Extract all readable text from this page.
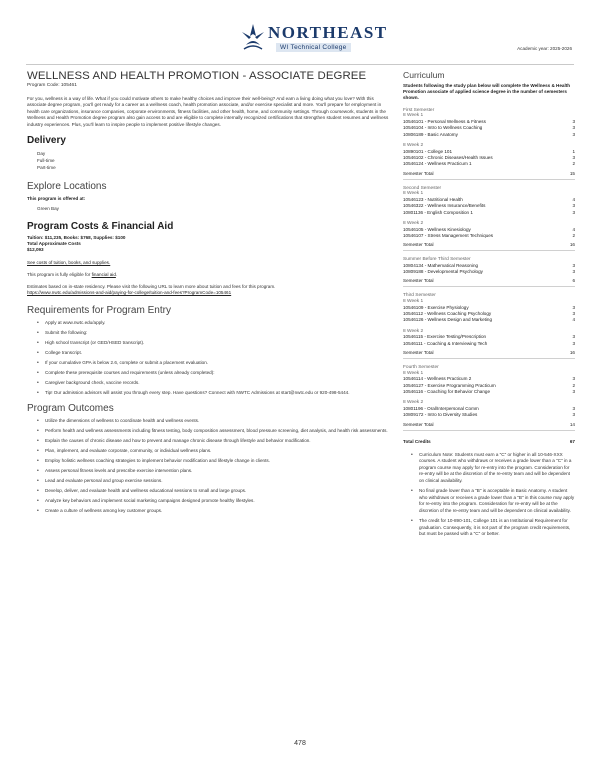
NORTHEAST
WI Technical College	Academic year: 2025-2026
WELLNESS AND HEALTH PROMOTION - ASSOCIATE DEGREE
Program Code: 105461

For you, wellness is a way of life. What if you could motivate others to make healthy choices and improve their well-being? And earn a living doing what you love? With this associate degree program, you'll get ready for a career as a wellness coach, health promotion associate, and/or exercise specialist and more. You'll prepare for employment in health care organizations, insurance companies, corporate environments, fitness facilities, and other health, home, and community settings. Through coursework, students in the Wellness and Health Promotion degree program also gain access to and are eligible to complete internally recognized certifications that strengthen student resumes and wellness industry experiences. Plus, you'll learn to inspire people to implement positive lifestyle changes.

Delivery
Day
Full-time
Part-time
Explore Locations

This program is offered at:

Green Bay
Program Costs & Financial Aid

Tuition: $11,235, Books: $768, Supplies: $100

Total Approximate Costs

$12,093

See costs of tuition, books, and supplies.

This program is fully eligible for financial aid.

Estimates based on in-state residency. Please visit the following URL to learn more about tuition and fees for this program.

https://www.nwtc.edu/admissions-and-aid/paying-for-college/tuition-and-fees?ProgramCode=105461

Requirements for Program Entry
• Apply at www.nwtc.edu/apply.
• Submit the following:
• High school transcript (or GED/HSED transcript).
• College transcript.
• If your cumulative GPA is below 2.6, complete or submit a placement evaluation.
• Complete these prerequisite courses and requirements (unless already completed):
• Caregiver background check, vaccine records.
• Tip! Our admission advisors will assist you through every step. Have questions? Connect with NWTC Admissions at start@nwtc.edu or 920-498-5444.
Program Outcomes
• Utilize the dimensions of wellness to coordinate health and wellness events.
• Perform health and wellness assessments including fitness testing, body composition assessment, blood pressure screening, diet analysis, and health risk assessments.
• Explain the causes of chronic disease and how to prevent and manage chronic disease through lifestyle and behavior modification.
• Plan, implement, and evaluate corporate, community, or individual wellness plans.
• Employ holistic wellness coaching strategies to implement behavior modification and lifestyle change in clients.
• Assess personal fitness levels and prescribe exercise intervention plans.
• Lead and evaluate personal and group exercise sessions.
• Develop, deliver, and evaluate health and wellness educational sessions to small and large groups.
• Analyze key behaviors and implement social marketing campaigns designed promote healthy lifestyles.
• Create a culture of wellness among key customer groups.
Curriculum

Students following the study plan below will complete the Wellness & Health Promotion associate of applied science degree in the number of semesters shown.

First Semester
8 Week 1
10546101 - Personal Wellness & Fitness	3
10546104 - Intro to Wellness Coaching	3
10806189 - Basic Anatomy	3
8 Week 2
10890101 - College 101	1
10546102 - Chronic Diseases/Health Issues	3
10546124 - Wellness Practicum 1	2
Semester Total	15
Second Semester
8 Week 1
10546123 - Nutritional Health	4
10546322 - Wellness Insurance/Benefits	3
10801136 - English Composition 1	3
8 Week 2
10546105 - Wellness Kinesiology	4
10546107 - Stress Management Techniques	2
Semester Total	16
Summer Before Third Semester
10804134 - Mathematical Reasoning	3
10809188 - Developmental Psychology	3
Semester Total	6
Third Semester
8 Week 1
10546109 - Exercise Physiology	3
10546112 - Wellness Coaching Psychology	3
10546126 - Wellness Design and Marketing	4
8 Week 2
10546115 - Exercise Testing/Prescription	3
10546111 - Coaching & Interviewing Tech	3
Semester Total	16
Fourth Semester
8 Week 1
10546114 - Wellness Practicum 2	3
10546127 - Exercise Programming Practicum	2
10546116 - Coaching for Behavior Change	3
8 Week 2
10801196 - Oral/Interpersonal Comm	3
10809172 - Intro to Diversity Studies	3
Semester Total	14
Total Credits	67
• Curriculum Note: Students must earn a "C" or higher in all 10-546-XXX courses. A student who withdraws or receives a grade lower than a "C" in a program course may apply for re-entry into the program. Consideration for re-entry will be at the discretion of the re-entry team and will be dependent on clinical availability.
• No final grade lower than a "B" is acceptable in Basic Anatomy. A student who withdraws or receives a grade lower than a "B" in this course may apply for re-entry into the program. Consideration for re-entry will be at the discretion of the re-entry team and will be dependent on clinical availability.
• The credit for 10-890-101, College 101 is an Institutional Requirement for graduation. Consequently, it is not part of the program credit requirements, but must be passed with a "C" or better.
478
